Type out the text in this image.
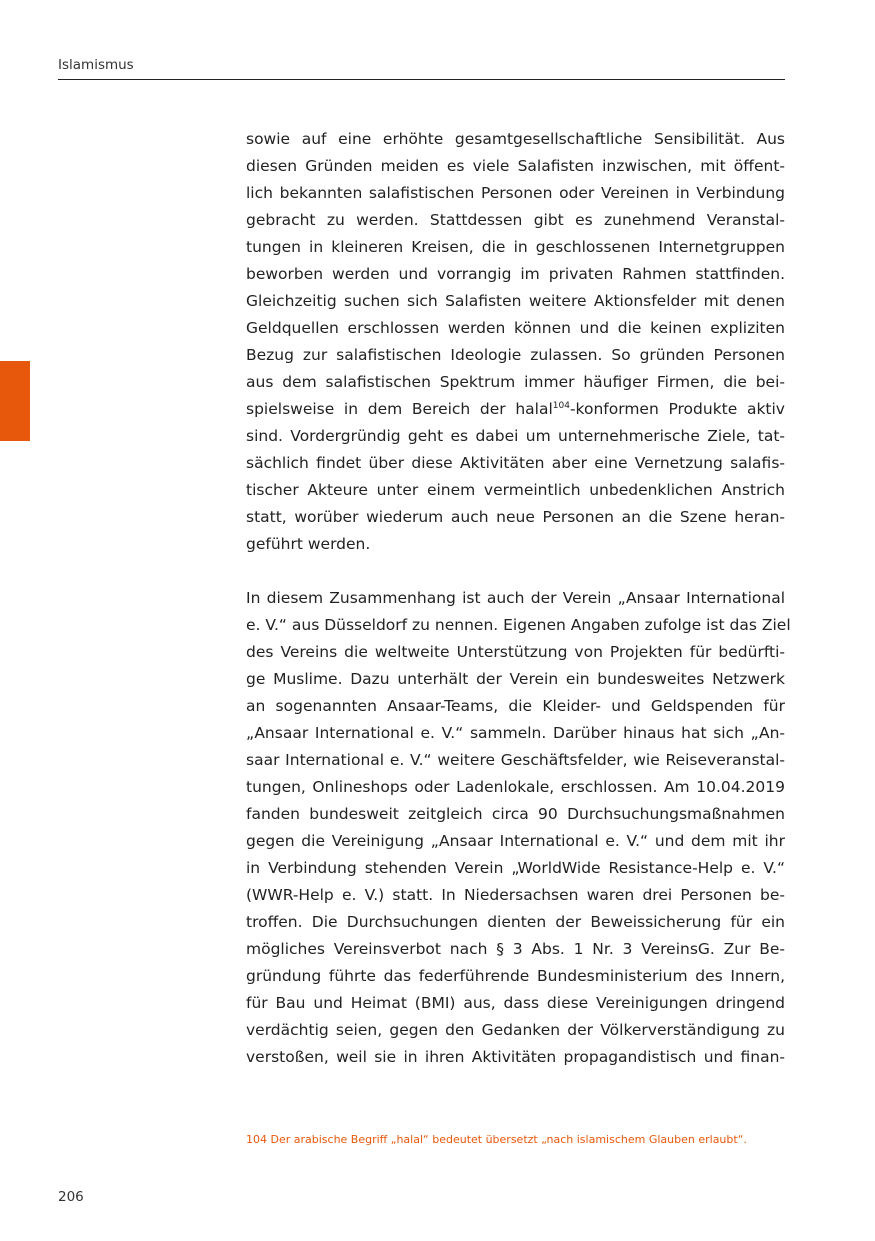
Islamismus
sowie auf eine erhöhte gesamtgesellschaftliche Sensibilität. Aus
diesen Gründen meiden es viele Salafisten inzwischen, mit öffent-
lich bekannten salafistischen Personen oder Vereinen in Verbindung
gebracht zu werden. Stattdessen gibt es zunehmend Veranstal-
tungen in kleineren Kreisen, die in geschlossenen Internetgruppen
beworben werden und vorrangig im privaten Rahmen stattfinden.
Gleichzeitig suchen sich Salafisten weitere Aktionsfelder mit denen
Geldquellen erschlossen werden können und die keinen expliziten
Bezug zur salafistischen Ideologie zulassen. So gründen Personen
aus dem salafistischen Spektrum immer häufiger Firmen, die bei-
spielsweise in dem Bereich der halal$^{104}$-konformen Produkte aktiv
sind. Vordergründig geht es dabei um unternehmerische Ziele, tat-
sächlich findet über diese Aktivitäten aber eine Vernetzung salafis-
tischer Akteure unter einem vermeintlich unbedenklichen Anstrich
statt, worüber wiederum auch neue Personen an die Szene heran-
geführt werden.
In diesem Zusammenhang ist auch der Verein „Ansaar International
e. V.“ aus Düsseldorf zu nennen. Eigenen Angaben zufolge ist das Ziel
des Vereins die weltweite Unterstützung von Projekten für bedürfti-
ge Muslime. Dazu unterhält der Verein ein bundesweites Netzwerk
an sogenannten Ansaar-Teams, die Kleider- und Geldspenden für
„Ansaar International e. V.“ sammeln. Darüber hinaus hat sich „An-
saar International e. V.“ weitere Geschäftsfelder, wie Reiseveranstal-
tungen, Onlineshops oder Ladenlokale, erschlossen. Am 10.04.2019
fanden bundesweit zeitgleich circa 90 Durchsuchungsmaßnahmen
gegen die Vereinigung „Ansaar International e. V.“ und dem mit ihr
in Verbindung stehenden Verein „WorldWide Resistance-Help e. V.“
(WWR-Help e. V.) statt. In Niedersachsen waren drei Personen be-
troffen. Die Durchsuchungen dienten der Beweissicherung für ein
mögliches Vereinsverbot nach § 3 Abs. 1 Nr. 3 VereinsG. Zur Be-
gründung führte das federführende Bundesministerium des Innern,
für Bau und Heimat (BMI) aus, dass diese Vereinigungen dringend
verdächtig seien, gegen den Gedanken der Völkerverständigung zu
verstoßen, weil sie in ihren Aktivitäten propagandistisch und finan-
104 Der arabische Begriff „halal“ bedeutet übersetzt „nach islamischem Glauben erlaubt“.
206
